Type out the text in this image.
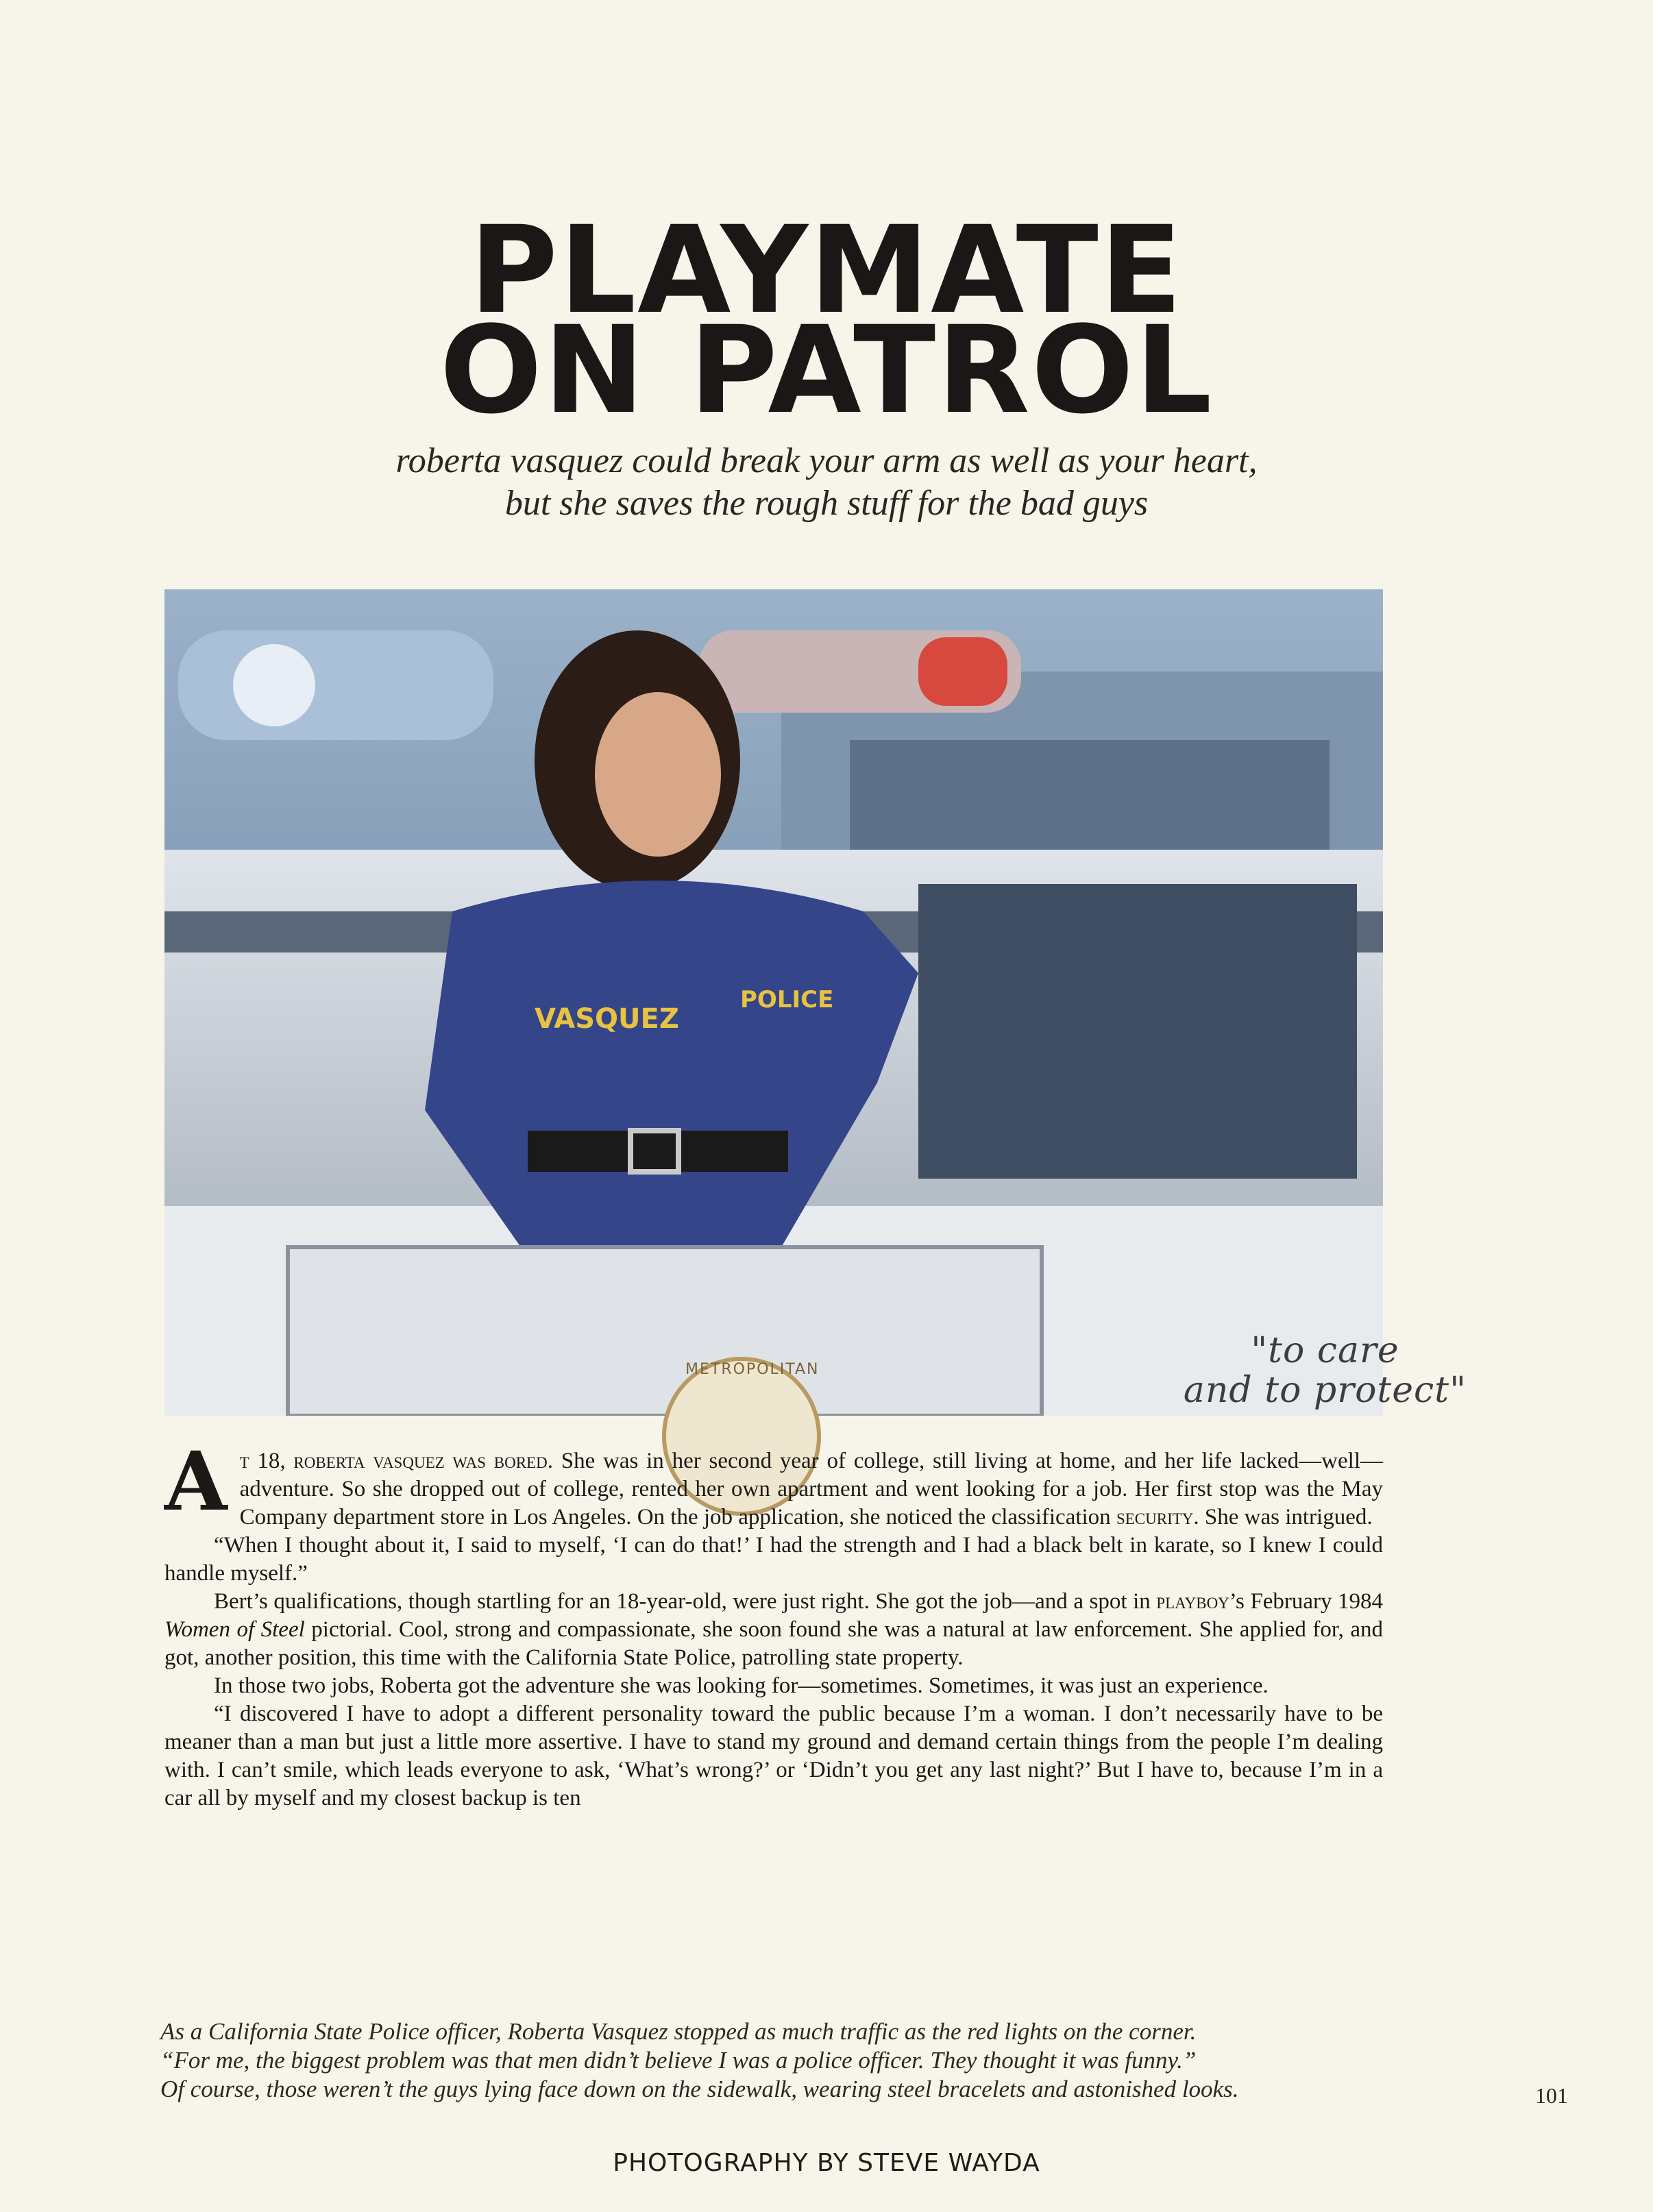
PLAYMATE
ON PATROL
roberta vasquez could break your arm as well as your heart,
but she saves the rough stuff for the bad guys
VASQUEZ
POLICE
METROPOLITAN	"to care
and to protect"

At 18, roberta vasquez was bored. She was in her second year of college, still living at home, and her life lacked—well—adventure. So she dropped out of college, rented her own apartment and went looking for a job. Her first stop was the May Company department store in Los Angeles. On the job application, she noticed the classification security. She was intrigued.

“When I thought about it, I said to myself, ‘I can do that!’ I had the strength and I had a black belt in karate, so I knew I could handle myself.”

Bert’s qualifications, though startling for an 18-year-old, were just right. She got the job—and a spot in playboy’s February 1984 Women of Steel pictorial. Cool, strong and compassionate, she soon found she was a natural at law enforcement. She applied for, and got, another position, this time with the California State Police, patrolling state property.

In those two jobs, Roberta got the adventure she was looking for—sometimes. Sometimes, it was just an experience.

“I discovered I have to adopt a different personality toward the public because I’m a woman. I don’t necessarily have to be meaner than a man but just a little more assertive. I have to stand my ground and demand certain things from the people I’m dealing with. I can’t smile, which leads everyone to ask, ‘What’s wrong?’ or ‘Didn’t you get any last night?’ But I have to, because I’m in a car all by myself and my closest backup is ten

As a California State Police officer, Roberta Vasquez stopped as much traffic as the red lights on the corner.
“For me, the biggest problem was that men didn’t believe I was a police officer. They thought it was funny.”
Of course, those weren’t the guys lying face down on the sidewalk, wearing steel bracelets and astonished looks.	101
PHOTOGRAPHY BY STEVE WAYDA
